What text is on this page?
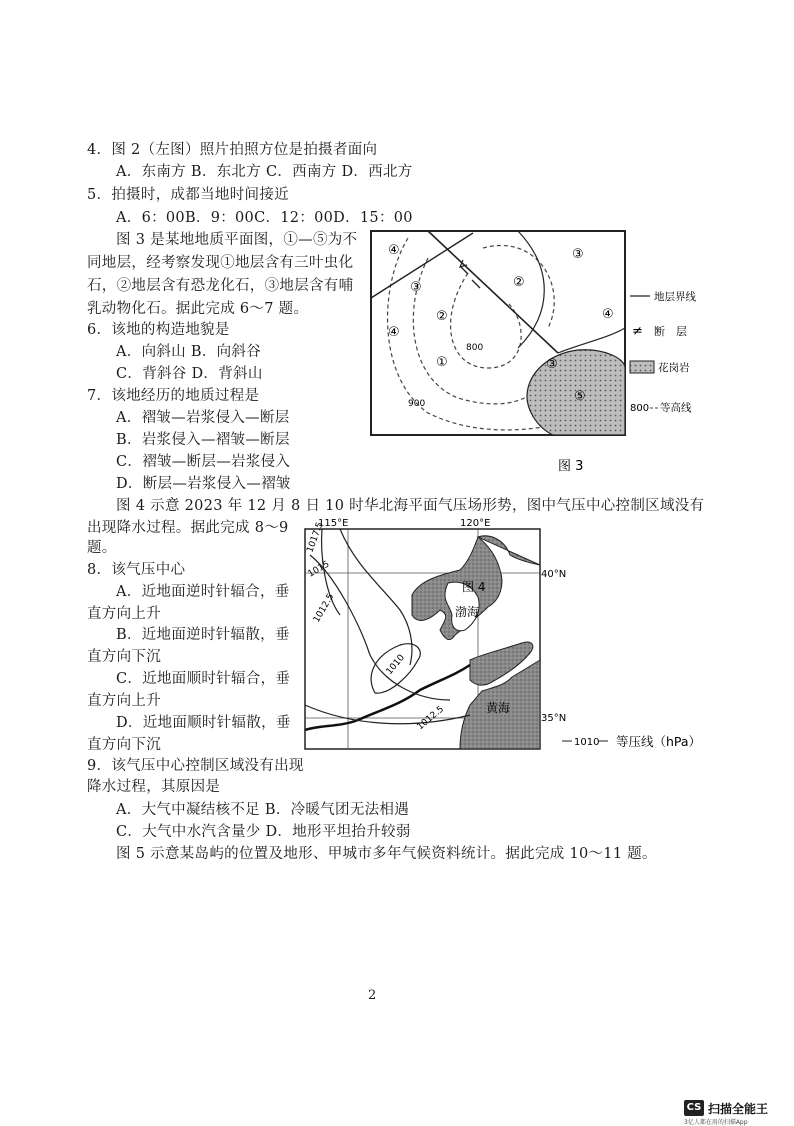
4．图 2（左图）照片拍照方位是拍摄者面向
A．东南方 B．东北方 C．西南方 D．西北方
5．拍摄时，成都当地时间接近
A．6：00B．9：00C．12：00D．15：00
图 3 是某地地质平面图，①—⑤为不
同地层，经考察发现①地层含有三叶虫化
石，②地层含有恐龙化石，③地层含有哺
乳动物化石。据此完成 6～7 题。
6．该地的构造地貌是
A．向斜山 B．向斜谷
C．背斜谷 D．背斜山
7．该地经历的地质过程是
A．褶皱—岩浆侵入—断层
B．岩浆侵入—褶皱—断层
C．褶皱—断层—岩浆侵入
D．断层—岩浆侵入—褶皱
④
③	②
②
①
③
④
④
③
⑤
800
900
地层界线
≠ 断　层
花岗岩
800 等高线
图 3
图 4 示意 2023 年 12 月 8 日 10 时华北海平面气压场形势，图中气压中心控制区域没有
出现降水过程。据此完成 8～9
题。
8．该气压中心
A．近地面逆时针辐合，垂
直方向上升
B．近地面逆时针辐散，垂
直方向下沉
C．近地面顺时针辐合，垂
直方向上升
D．近地面顺时针辐散，垂
直方向下沉
115°E	120°E
1017.5
1015
1012.5
1010
1012.5
图 4
渤海
黄海
40°N
35°N
1010 等压线（hPa）
9．该气压中心控制区域没有出现
降水过程，其原因是
A．大气中凝结核不足 B．冷暖气团无法相遇
C．大气中水汽含量少 D．地形平坦抬升较弱
图 5 示意某岛屿的位置及地形、甲城市多年气候资料统计。据此完成 10～11 题。
2
CS 扫描全能王
3亿人都在用的扫描App
